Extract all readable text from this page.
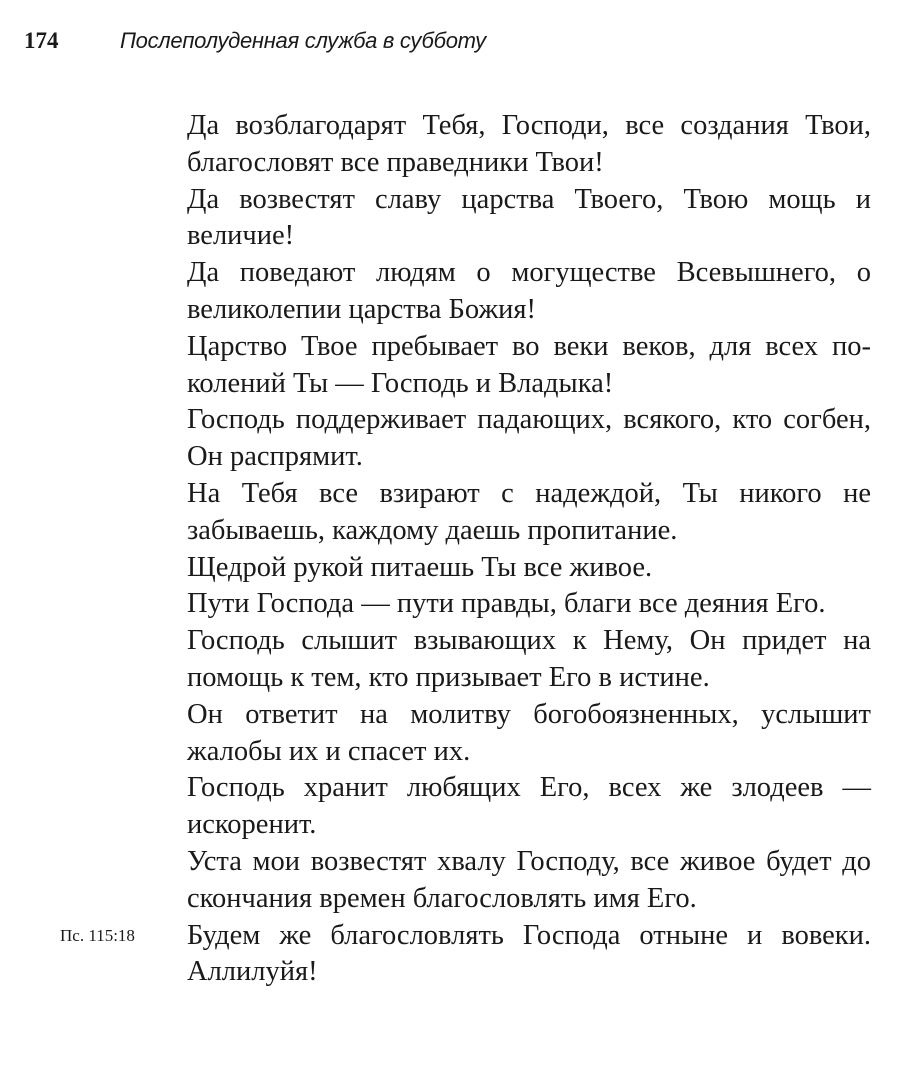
174	Послеполуденная служба в субботу
Да возблагодарят Тебя, Господи, все создания Твои, благословят все праведники Твои!
Да возвестят славу царства Твоего, Твою мощь и величие!
Да поведают людям о могуществе Всевышнего, о великолепии царства Божия!
Царство Твое пребывает во веки веков, для всех поколений Ты — Господь и Владыка!
Господь поддерживает падающих, всякого, кто согбен, Он распрямит.
На Тебя все взирают с надеждой, Ты никого не забываешь, каждому даешь пропитание.
Щедрой рукой питаешь Ты все живое.
Пути Господа — пути правды, благи все деяния Его.
Господь слышит взывающих к Нему, Он придет на помощь к тем, кто призывает Его в истине.
Он ответит на молитву богобоязненных, услышит жалобы их и спасет их.
Господь хранит любящих Его, всех же злодеев — искоренит.
Уста мои возвестят хвалу Господу, все живое будет до скончания времен благословлять имя Его.
Пс. 115:18	Будем же благословлять Господа отныне и вовеки. Аллилуйя!
